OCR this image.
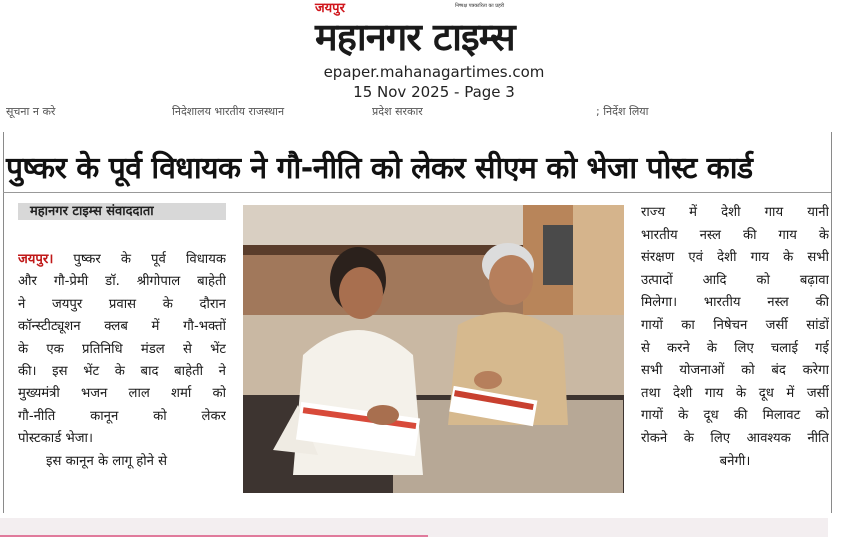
जयपुर	निष्पक्ष पत्रकारिता का प्रहरी
महानगर टाइम्स
epaper.mahanagartimes.com
15 Nov 2025 - Page 3
सूचना न करे	निदेशालय भारतीय राजस्थान	प्रदेश सरकार	; निर्देश लिया
पुष्कर के पूर्व विधायक ने गौ-नीति को लेकर सीएम को भेजा पोस्ट कार्ड
महानगर टाइम्स संवाददाता
जयपुर। पुष्कर के पूर्व विधायक
और गौ-प्रेमी डॉ. श्रीगोपाल बाहेती
ने जयपुर प्रवास के दौरान
कॉन्स्टीट्यूशन क्लब में गौ-भक्तों
के एक प्रतिनिधि मंडल से भेंट
की। इस भेंट के बाद बाहेती ने
मुख्यमंत्री भजन लाल शर्मा को
गौ-नीति कानून को लेकर
पोस्टकार्ड भेजा।
इस कानून के लागू होने से
राज्य में देशी गाय यानी
भारतीय नस्ल की गाय के
संरक्षण एवं देशी गाय के सभी
उत्पादों आदि को बढ़ावा
मिलेगा। भारतीय नस्ल की
गायों का निषेचन जर्सी सांडों
से करने के लिए चलाई गई
सभी योजनाओं को बंद करेगा
तथा देशी गाय के दूध में जर्सी
गायों के दूध की मिलावट को
रोकने के लिए आवश्यक नीति
बनेगी।
